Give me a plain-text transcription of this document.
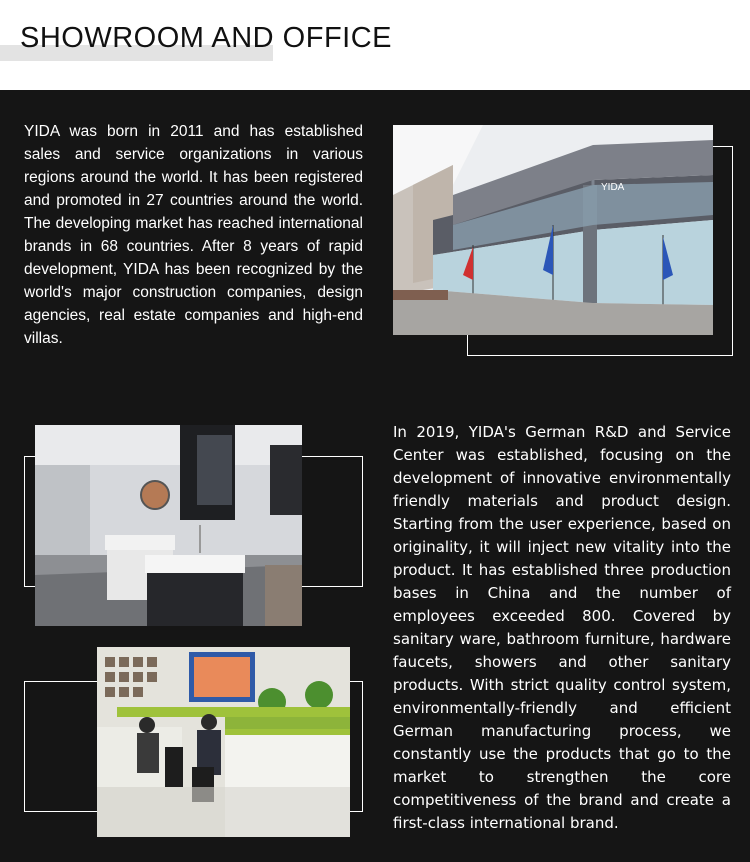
SHOWROOM AND OFFICE

YIDA was born in 2011 and has established sales and service organizations in various regions around the world. It has been registered and promoted in 27 countries around the world. The developing market has reached international brands in 68 countries. After 8 years of rapid development, YIDA has been recognized by the world's major construction companies, design agencies, real estate companies and high-end villas.

YIDA

In 2019, YIDA's German R&D and Service Center was established, focusing on the development of innovative environmentally friendly materials and product design. Starting from the user experience, based on originality, it will inject new vitality into the product. It has established three production bases in China and the number of employees exceeded 800. Covered by sanitary ware, bathroom furniture, hardware faucets, showers and other sanitary products. With strict quality control system, environmentally-friendly and efficient German manufacturing process, we constantly use the products that go to the market to strengthen the core competitiveness of the brand and create a first-class international brand.
